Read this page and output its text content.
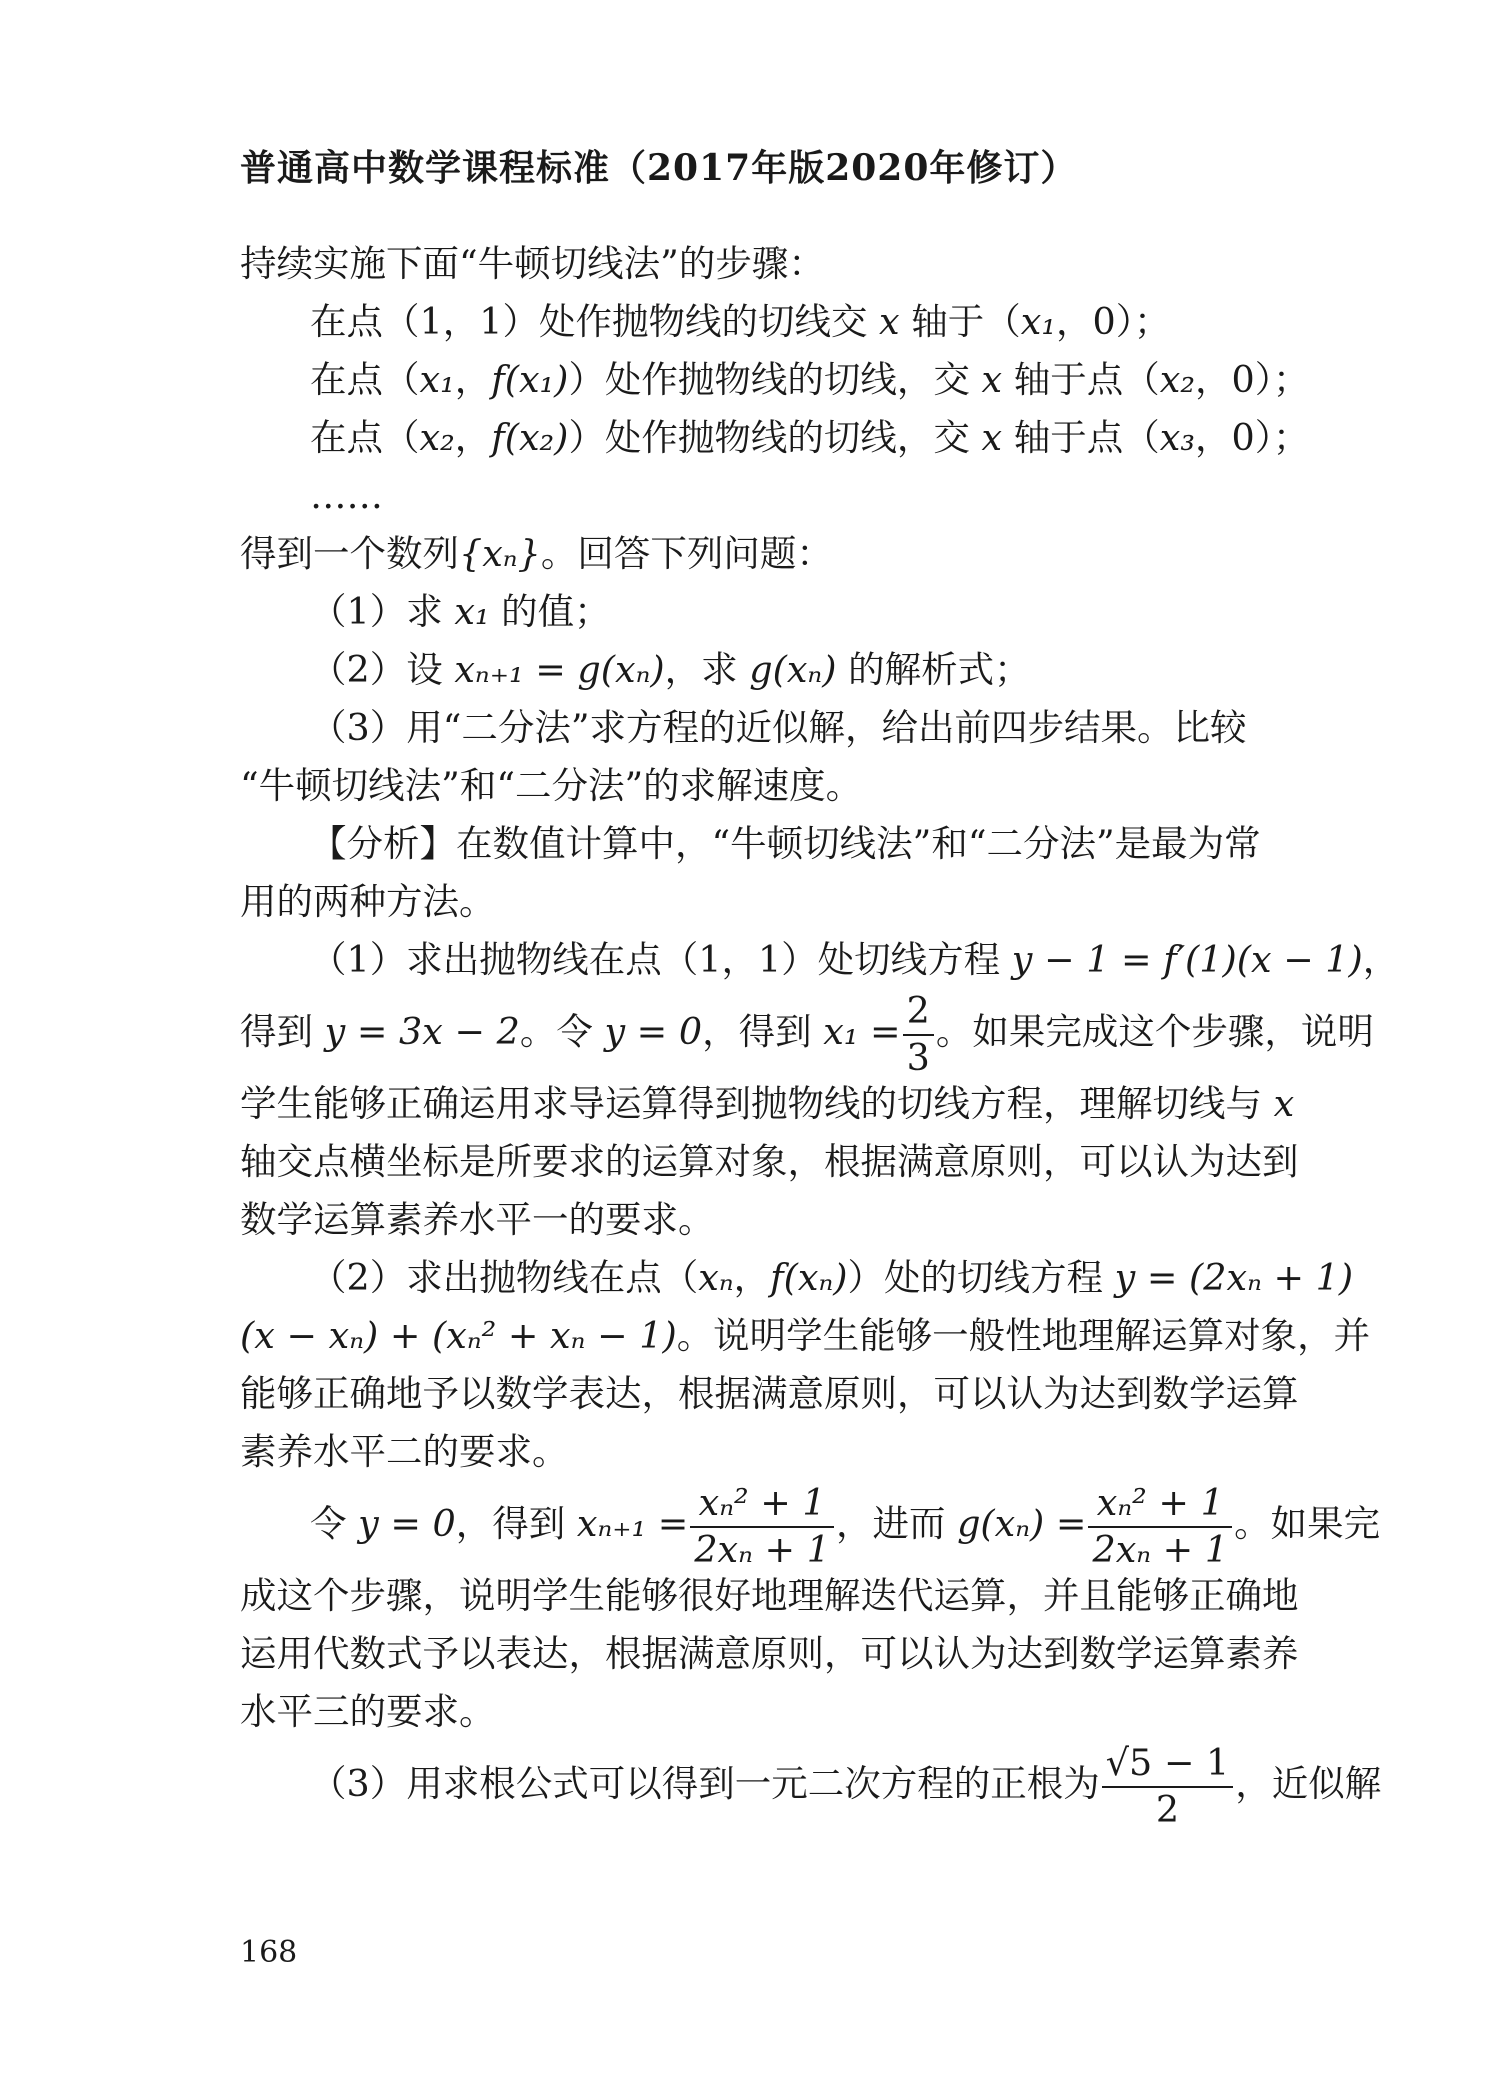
普通高中数学课程标准（2017年版2020年修订）
持续实施下面“牛顿切线法”的步骤：
在点（1，1）处作抛物线的切线交 x 轴于（x₁，0）；
在点（x₁，f(x₁)）处作抛物线的切线，交 x 轴于点（x₂，0）；
在点（x₂，f(x₂)）处作抛物线的切线，交 x 轴于点（x₃，0）；
……
得到一个数列{xₙ}。回答下列问题：
（1）求 x₁ 的值；
（2）设 xₙ₊₁ = g(xₙ)，求 g(xₙ) 的解析式；
（3）用“二分法”求方程的近似解，给出前四步结果。比较
“牛顿切线法”和“二分法”的求解速度。
【分析】在数值计算中，“牛顿切线法”和“二分法”是最为常
用的两种方法。
（1）求出抛物线在点（1，1）处切线方程 y − 1 = f′(1)(x − 1)，
得到 y = 3x − 2。令 y = 0，得到 $x_1 = \frac{2}{3}$ 。如果完成这个步骤，说明
学生能够正确运用求导运算得到抛物线的切线方程，理解切线与 x
轴交点横坐标是所要求的运算对象，根据满意原则，可以认为达到
数学运算素养水平一的要求。
（2）求出抛物线在点（xₙ，f(xₙ)）处的切线方程 y = (2xₙ + 1)
(x − xₙ) + (xₙ² + xₙ − 1)。说明学生能够一般性地理解运算对象，并
能够正确地予以数学表达，根据满意原则，可以认为达到数学运算
素养水平二的要求。
令 y = 0，得到 $x_{n+1} = \frac{\text{xₙ² + 1}}{\text{2xₙ + 1}}$ ，进而 $g(x_n) = \frac{\text{xₙ² + 1}}{\text{2xₙ + 1}}$ 。如果完
成这个步骤，说明学生能够很好地理解迭代运算，并且能够正确地
运用代数式予以表达，根据满意原则，可以认为达到数学运算素养
水平三的要求。
（3）用求根公式可以得到一元二次方程的正根为 $\frac{√5 - 1}{2}$ ，近似解
168
